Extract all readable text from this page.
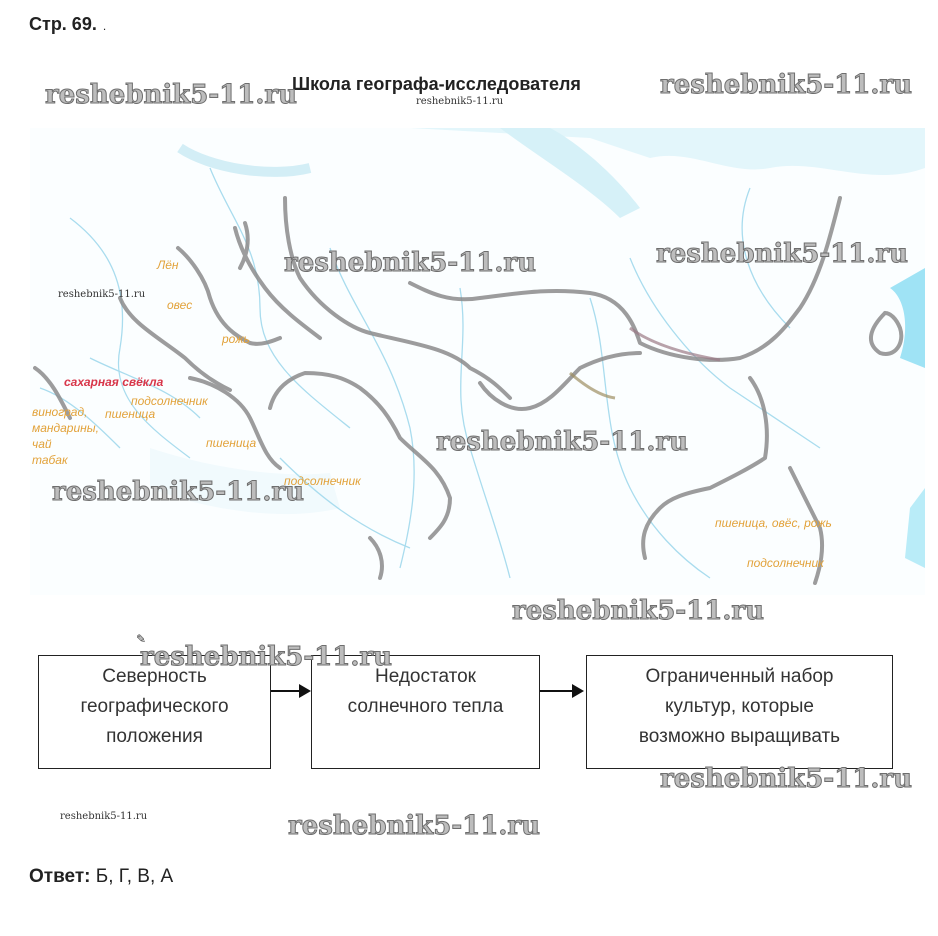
Стр. 69. .
Школа географа-исследователя
Лён
овес
рожь
сахарная свёкла
подсолнечник
виноград,
мандарины,
пшеница
чай	пшеница
табак
подсолнечник
пшеница, овёс, рожь
подсолнечник
reshebnik5-11.ru	reshebnik5-11.ru
reshebnik5-11.ru
reshebnik5-11.ru	reshebnik5-11.ru
reshebnik5-11.ru
reshebnik5-11.ru
reshebnik5-11.ru
reshebnik5-11.ru
✎
Северность
географического
положения
Недостаток
солнечного тепла
Ограниченный набор
культур, которые
возможно выращивать
reshebnik5-11.ru
reshebnik5-11.ru
reshebnik5-11.ru	reshebnik5-11.ru
Ответ: Б, Г, В, А
